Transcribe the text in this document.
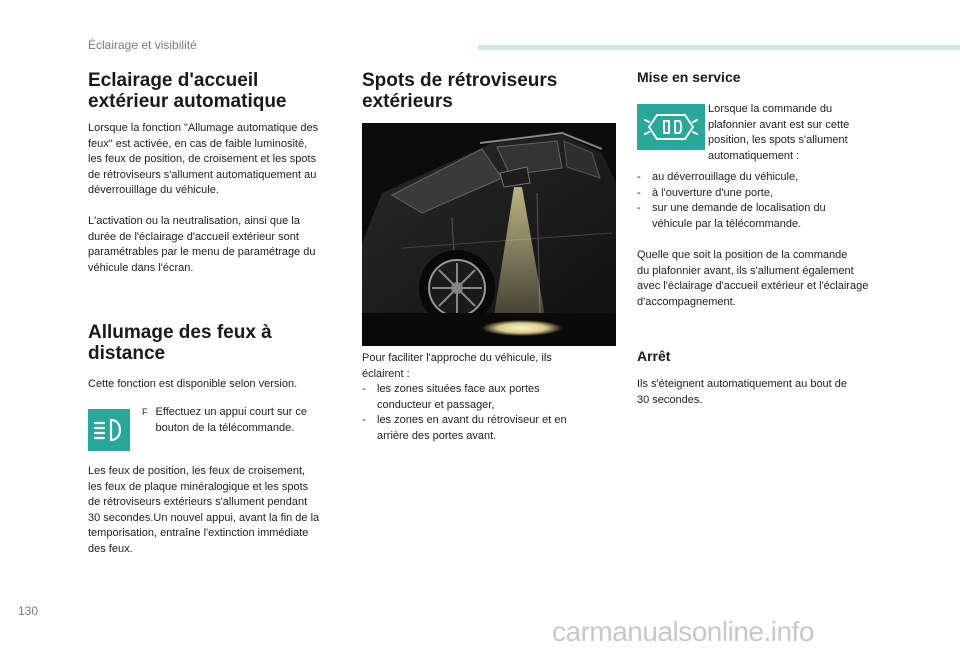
Éclairage et visibilité
Eclairage d'accueil
extérieur automatique

Lorsque la fonction "Allumage automatique des
feux" est activée, en cas de faible luminosité,
les feux de position, de croisement et les spots
de rétroviseurs s'allument automatiquement au
déverrouillage du véhicule.

L'activation ou la neutralisation, ainsi que la
durée de l'éclairage d'accueil extérieur sont
paramétrables par le menu de paramétrage du
véhicule dans l'écran.

Allumage des feux à
distance

Cette fonction est disponible selon version.

F Effectuez un appui court sur ce
bouton de la télécommande.

Les feux de position, les feux de croisement,
les feux de plaque minéralogique et les spots
de rétroviseurs extérieurs s'allument pendant
30 secondes.Un nouvel appui, avant la fin de la
temporisation, entraîne l'extinction immédiate
des feux.

Spots de rétroviseurs
extérieurs

Pour faciliter l'approche du véhicule, ils
éclairent :

- les zones situées face aux portes
conducteur et passager,
- les zones en avant du rétroviseur et en
arrière des portes avant.
Mise en service

Lorsque la commande du
plafonnier avant est sur cette
position, les spots s'allument
automatiquement :

- au déverrouillage du véhicule,
- à l'ouverture d'une porte,
- sur une demande de localisation du
véhicule par la télécommande.

Quelle que soit la position de la commande
du plafonnier avant, ils s'allument également
avec l'éclairage d'accueil extérieur et l'éclairage
d'accompagnement.

Arrêt

Ils s'éteignent automatiquement au bout de
30 secondes.

130
carmanualsonline.info
